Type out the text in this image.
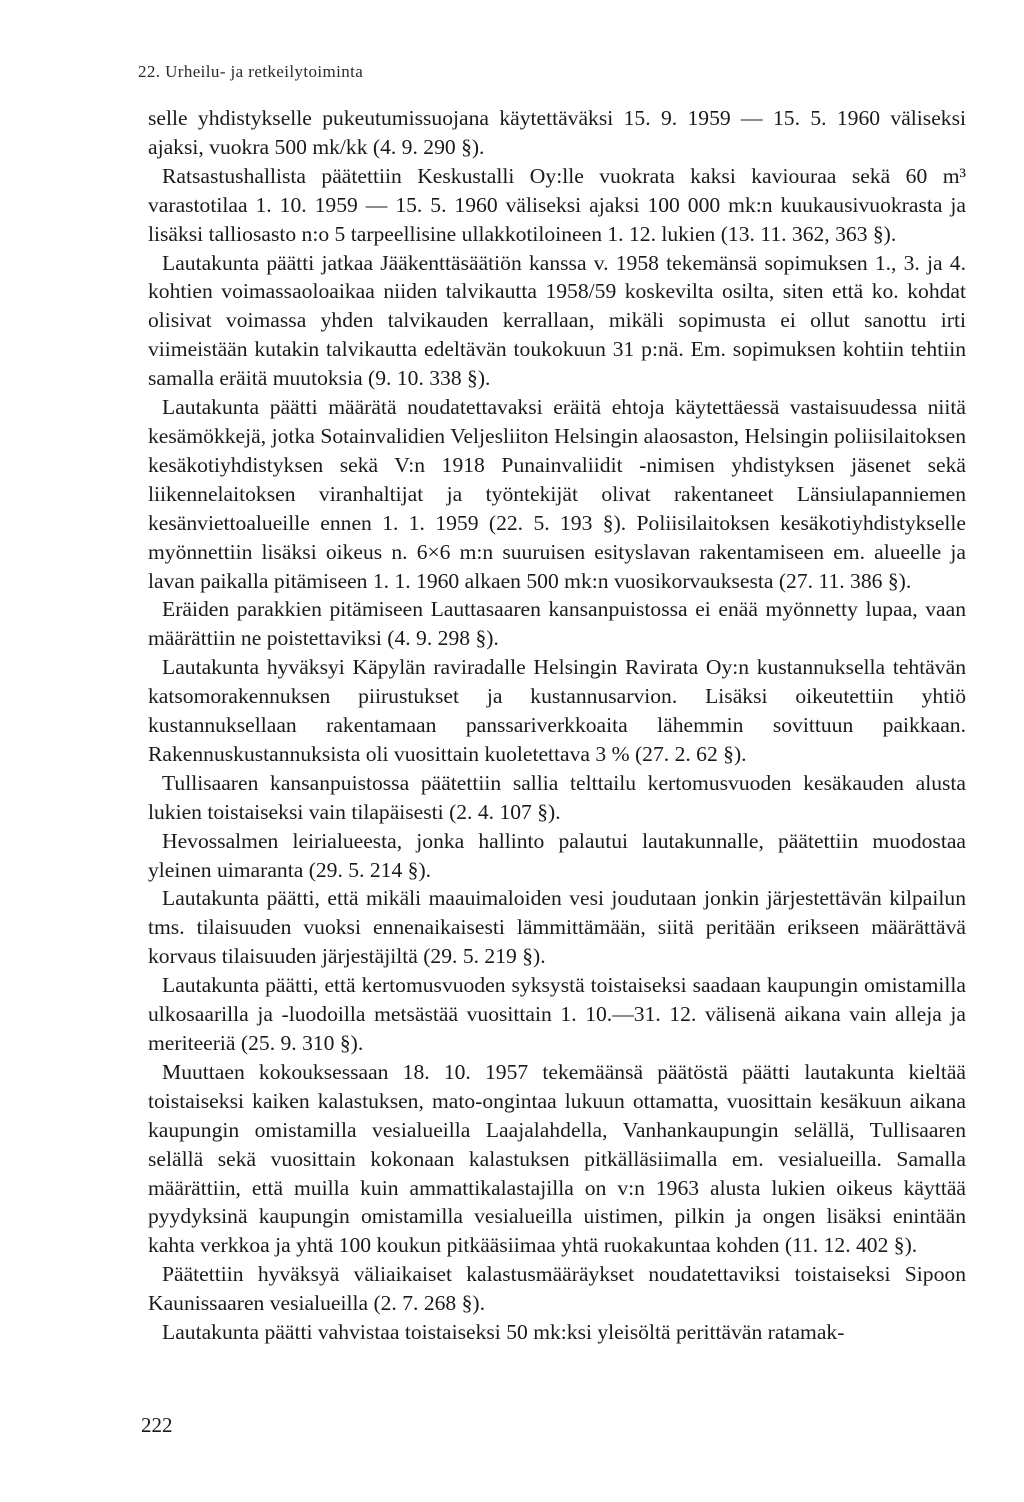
22. Urheilu- ja retkeilytoiminta

selle yhdistykselle pukeutumissuojana käytettäväksi 15. 9. 1959 — 15. 5. 1960 väliseksi ajaksi, vuokra 500 mk/kk (4. 9. 290 §).

Ratsastushallista päätettiin Keskustalli Oy:lle vuokrata kaksi kaviouraa sekä 60 m³ varastotilaa 1. 10. 1959 — 15. 5. 1960 väliseksi ajaksi 100 000 mk:n kuukausivuokrasta ja lisäksi talliosasto n:o 5 tarpeellisine ullakkotiloineen 1. 12. lukien (13. 11. 362, 363 §).

Lautakunta päätti jatkaa Jääkenttäsäätiön kanssa v. 1958 tekemänsä sopimuksen 1., 3. ja 4. kohtien voimassaoloaikaa niiden talvikautta 1958/59 koskevilta osilta, siten että ko. kohdat olisivat voimassa yhden talvikauden kerrallaan, mikäli sopimusta ei ollut sanottu irti viimeistään kutakin talvikautta edeltävän toukokuun 31 p:nä. Em. sopimuksen kohtiin tehtiin samalla eräitä muutoksia (9. 10. 338 §).

Lautakunta päätti määrätä noudatettavaksi eräitä ehtoja käytettäessä vastaisuudessa niitä kesämökkejä, jotka Sotainvalidien Veljesliiton Helsingin alaosaston, Helsingin poliisilaitoksen kesäkotiyhdistyksen sekä V:n 1918 Punainvaliidit -nimisen yhdistyksen jäsenet sekä liikennelaitoksen viranhaltijat ja työntekijät olivat rakentaneet Länsiulapanniemen kesänviettoalueille ennen 1. 1. 1959 (22. 5. 193 §). Poliisilaitoksen kesäkotiyhdistykselle myönnettiin lisäksi oikeus n. 6×6 m:n suuruisen esityslavan rakentamiseen em. alueelle ja lavan paikalla pitämiseen 1. 1. 1960 alkaen 500 mk:n vuosikorvauksesta (27. 11. 386 §).

Eräiden parakkien pitämiseen Lauttasaaren kansanpuistossa ei enää myönnetty lupaa, vaan määrättiin ne poistettaviksi (4. 9. 298 §).

Lautakunta hyväksyi Käpylän raviradalle Helsingin Ravirata Oy:n kustannuksella tehtävän katsomorakennuksen piirustukset ja kustannusarvion. Lisäksi oikeutettiin yhtiö kustannuksellaan rakentamaan panssariverkkoaita lähemmin sovittuun paikkaan. Rakennuskustannuksista oli vuosittain kuoletettava 3 % (27. 2. 62 §).

Tullisaaren kansanpuistossa päätettiin sallia telttailu kertomusvuoden kesäkauden alusta lukien toistaiseksi vain tilapäisesti (2. 4. 107 §).

Hevossalmen leirialueesta, jonka hallinto palautui lautakunnalle, päätettiin muodostaa yleinen uimaranta (29. 5. 214 §).

Lautakunta päätti, että mikäli maauimaloiden vesi joudutaan jonkin järjestettävän kilpailun tms. tilaisuuden vuoksi ennenaikaisesti lämmittämään, siitä peritään erikseen määrättävä korvaus tilaisuuden järjestäjiltä (29. 5. 219 §).

Lautakunta päätti, että kertomusvuoden syksystä toistaiseksi saadaan kaupungin omistamilla ulkosaarilla ja -luodoilla metsästää vuosittain 1. 10.—31. 12. välisenä aikana vain alleja ja meriteeriä (25. 9. 310 §).

Muuttaen kokouksessaan 18. 10. 1957 tekemäänsä päätöstä päätti lautakunta kieltää toistaiseksi kaiken kalastuksen, mato-ongintaa lukuun ottamatta, vuosittain kesäkuun aikana kaupungin omistamilla vesialueilla Laajalahdella, Vanhankaupungin selällä, Tullisaaren selällä sekä vuosittain kokonaan kalastuksen pitkälläsiimalla em. vesialueilla. Samalla määrättiin, että muilla kuin ammattikalastajilla on v:n 1963 alusta lukien oikeus käyttää pyydyksinä kaupungin omistamilla vesialueilla uistimen, pilkin ja ongen lisäksi enintään kahta verkkoa ja yhtä 100 koukun pitkääsiimaa yhtä ruokakuntaa kohden (11. 12. 402 §).

Päätettiin hyväksyä väliaikaiset kalastusmääräykset noudatettaviksi toistaiseksi Sipoon Kaunissaaren vesialueilla (2. 7. 268 §).

Lautakunta päätti vahvistaa toistaiseksi 50 mk:ksi yleisöltä perittävän ratamak-

222
